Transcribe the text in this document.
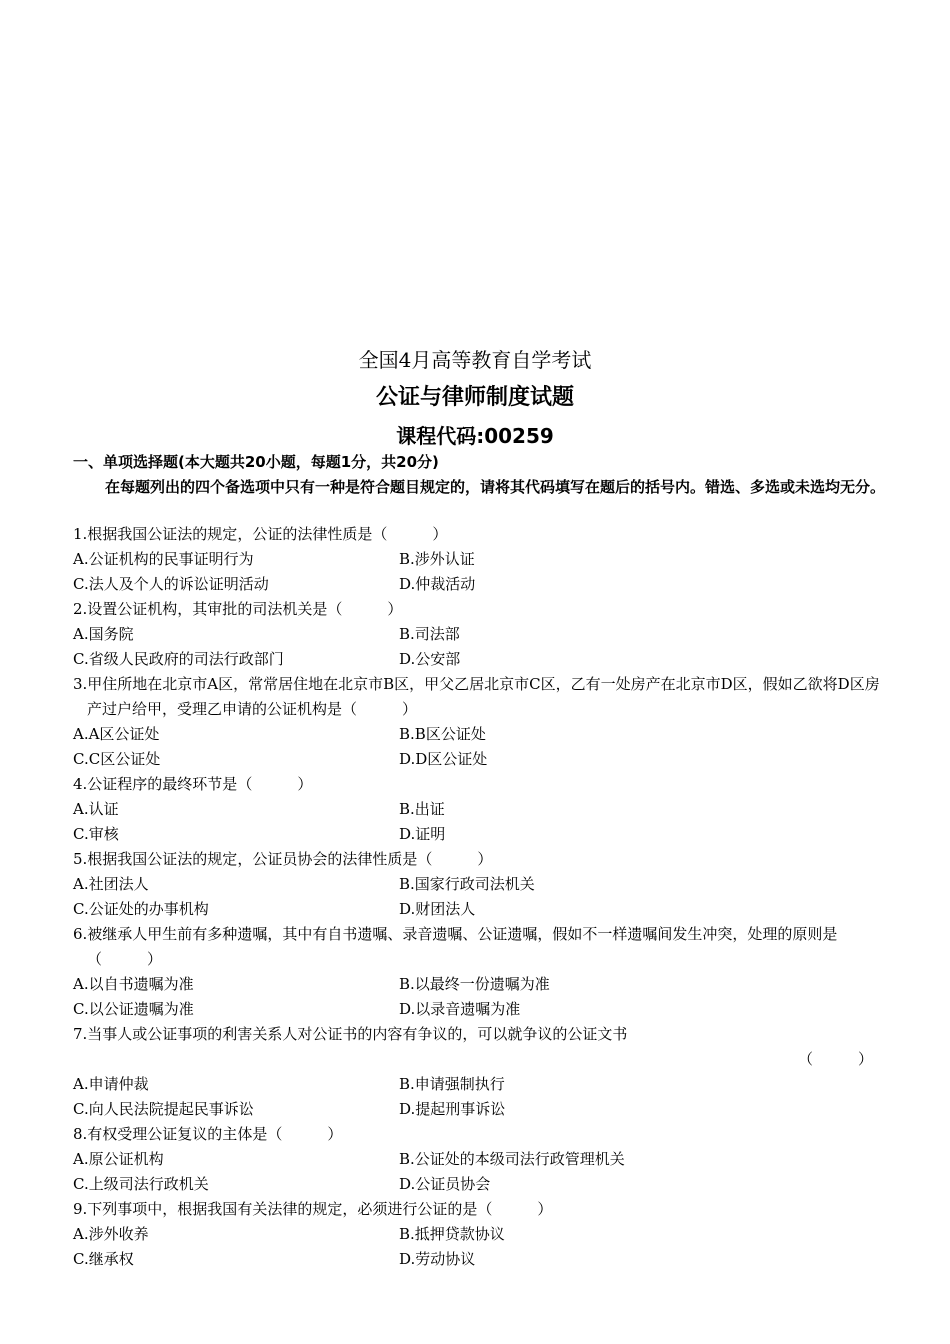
全国4月高等教育自学考试
公证与律师制度试题
课程代码:00259
一、单项选择题(本大题共20小题，每题1分，共20分)
在每题列出的四个备选项中只有一种是符合题目规定的，请将其代码填写在题后的括号内。错选、多选或未选均无分。
1.根据我国公证法的规定，公证的法律性质是（　　　）
A.公证机构的民事证明行为	B.涉外认证
C.法人及个人的诉讼证明活动	D.仲裁活动
2.设置公证机构，其审批的司法机关是（　　　）
A.国务院	B.司法部
C.省级人民政府的司法行政部门	D.公安部
3.甲住所地在北京市A区，常常居住地在北京市B区，甲父乙居北京市C区，乙有一处房产在北京市D区，假如乙欲将D区房产过户给甲，受理乙申请的公证机构是（　　　）
A.A区公证处	B.B区公证处
C.C区公证处	D.D区公证处
4.公证程序的最终环节是（　　　）
A.认证	B.出证
C.审核	D.证明
5.根据我国公证法的规定，公证员协会的法律性质是（　　　）
A.社团法人	B.国家行政司法机关
C.公证处的办事机构	D.财团法人
6.被继承人甲生前有多种遗嘱，其中有自书遗嘱、录音遗嘱、公证遗嘱，假如不一样遗嘱间发生冲突，处理的原则是（　　　）
A.以自书遗嘱为准	B.以最终一份遗嘱为准
C.以公证遗嘱为准	D.以录音遗嘱为准
7.当事人或公证事项的利害关系人对公证书的内容有争议的，可以就争议的公证文书
（　　　）
A.申请仲裁	B.申请强制执行
C.向人民法院提起民事诉讼	D.提起刑事诉讼
8.有权受理公证复议的主体是（　　　）
A.原公证机构	B.公证处的本级司法行政管理机关
C.上级司法行政机关	D.公证员协会
9.下列事项中，根据我国有关法律的规定，必须进行公证的是（　　　）
A.涉外收养	B.抵押贷款协议
C.继承权	D.劳动协议
